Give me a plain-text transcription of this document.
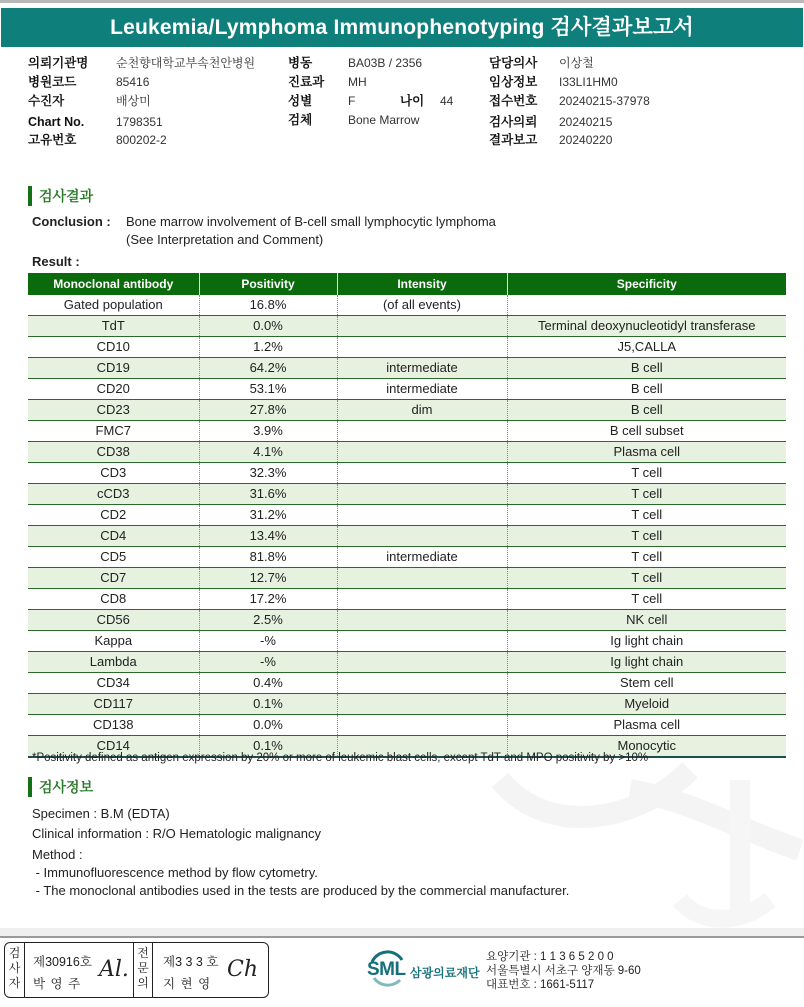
Leukemia/Lymphoma Immunophenotyping 검사결과보고서
의뢰기관명 순천향대학교부속천안병원
병원코드	85416
수진자	배상미
Chart No.	1798351
고유번호	800202-2
병동	BA03B / 2356
진료과 MH
성별	F	나이 44
검체	Bone Marrow
담당의사 이상철
임상정보 I33LI1HM0
접수번호 20240215-37978
검사의뢰 20240215
결과보고 20240220
검사결과
Conclusion :	Bone marrow involvement of B-cell small lymphocytic lymphoma
(See Interpretation and Comment)
Result :
Monoclonal antibody	Positivity	Intensity	Specificity
Gated population	16.8%	(of all events)	
TdT	0.0%		Terminal deoxynucleotidyl transferase
CD10	1.2%		J5,CALLA
CD19	64.2%	intermediate	B cell
CD20	53.1%	intermediate	B cell
CD23	27.8%	dim	B cell
FMC7	3.9%		B cell subset
CD38	4.1%		Plasma cell
CD3	32.3%		T cell
cCD3	31.6%		T cell
CD2	31.2%		T cell
CD4	13.4%		T cell
CD5	81.8%	intermediate	T cell
CD7	12.7%		T cell
CD8	17.2%		T cell
CD56	2.5%		NK cell
Kappa	-%		Ig light chain
Lambda	-%		Ig light chain
CD34	0.4%		Stem cell
CD117	0.1%		Myeloid
CD138	0.0%		Plasma cell
CD14	0.1%		Monocytic
*Positivity defined as antigen expression by 20% or more of leukemic blast cells, except TdT and MPO positivity by >10%
검사정보
Specimen : B.M (EDTA)
Clinical information : R/O Hematologic malignancy
Method :
- Immunofluorescence method by flow cytometry.
- The monoclonal antibodies used in the tests are produced by the commercial manufacturer.
검
사
자
제30916호
박 영 주
Al.
전
문
의
제3 3 3 호
지 현 영
Ch	SML 삼광의료재단
요양기관 : 1 1 3 6 5 2 0 0
서울특별시 서초구 양재동 9-60
대표번호 : 1661-5117
